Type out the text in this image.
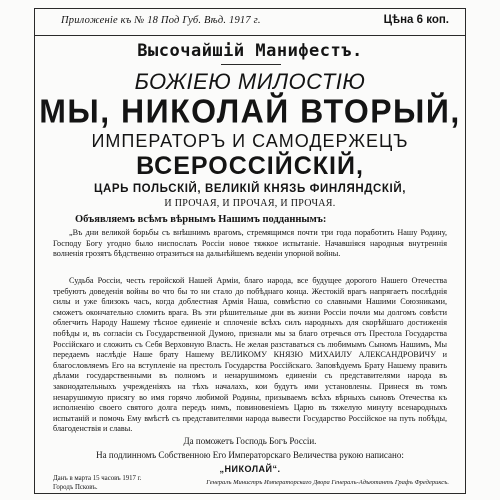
Приложеніе къ № 18 Под Губ. Вѣд. 1917 г.	Цѣна 6 коп.
Высочайшій Манифестъ.
БОЖІЕЮ МИЛОСТІЮ
МЫ, НИКОЛАЙ ВТОРЫЙ,
ИМПЕРАТОРЪ И САМОДЕРЖЕЦЪ
ВСЕРОССІЙСКІЙ,
ЦАРЬ ПОЛЬСКІЙ, ВЕЛИКІЙ КНЯЗЬ ФИНЛЯНДСКІЙ,
И ПРОЧАЯ, И ПРОЧАЯ, И ПРОЧАЯ.

Объявляемъ всѣмъ вѣрнымъ Нашимъ подданнымъ:

„Въ дни великой борьбы съ внѣшнимъ врагомъ, стремящимся почти три года поработить Нашу Родину, Господу Богу угодно было ниспослать Россіи новое тяжкое испытаніе. Начавшіяся народныя внутреннія волненія грозятъ бѣдственно отразиться на дальнѣйшемъ веденіи упорной войны.

Судьба Россіи, честь геройской Нашей Арміи, благо народа, все будущее дорогого Нашего Отечества требуютъ доведенія войны во что бы то ни стало до побѣднаго конца. Жестокій врагъ напрягаетъ послѣднія силы и уже близокъ часъ, когда доблестная Армія Наша, совмѣстно со славными Нашими Союзниками, сможетъ окончательно сломить врага. Въ эти рѣшительные дни въ жизни Россіи почли мы долгомъ совѣсти облегчить Народу Нашему тѣсное единеніе и сплоченіе всѣхъ силъ народныхъ для скорѣйшаго достиженія побѣды и, въ согласіи съ Государственной Думою, признали мы за благо отречься отъ Престола Государства Россійскаго и сложить съ Себя Верховную Власть. Не желая разставаться съ любимымъ Сыномъ Нашимъ, Мы передаемъ наслѣдіе Наше брату Нашему ВЕЛИКОМУ КНЯЗЮ МИХАИЛУ АЛЕКСАНДРОВИЧУ и благословляемъ Его на вступленіе на престолъ Государства Россійскаго. Заповѣдуемъ Брату Нашему править дѣлами государственными въ полномъ и ненарушимомъ единеніи съ представителями народа въ законодательныхъ учрежденіяхъ на тѣхъ началахъ, кои будутъ ими установлены. Принеся въ томъ ненарушимую присягу во имя горячо любимой Родины, призываемъ всѣхъ вѣрныхъ сыновъ Отечества къ исполненію своего святого долга передъ нимъ, повиновеніемъ Царю въ тяжелую минуту всенародныхъ испытаній и помочь Ему вмѣстѣ съ представителями народа вывести Государство Россійское на путь побѣды, благоденствія и славы.

Да поможетъ Господь Богъ Россіи.

На подлинномъ Собственною Его Императорскаго Величества рукою написано:

„НИКОЛАЙ“.
Данъ в марта 15 часовъ 1917 г.
Городъ Псковъ.
Генералъ Министръ Императорскаго Двора Генералъ-Адъютантъ Графъ Фредериксъ.
